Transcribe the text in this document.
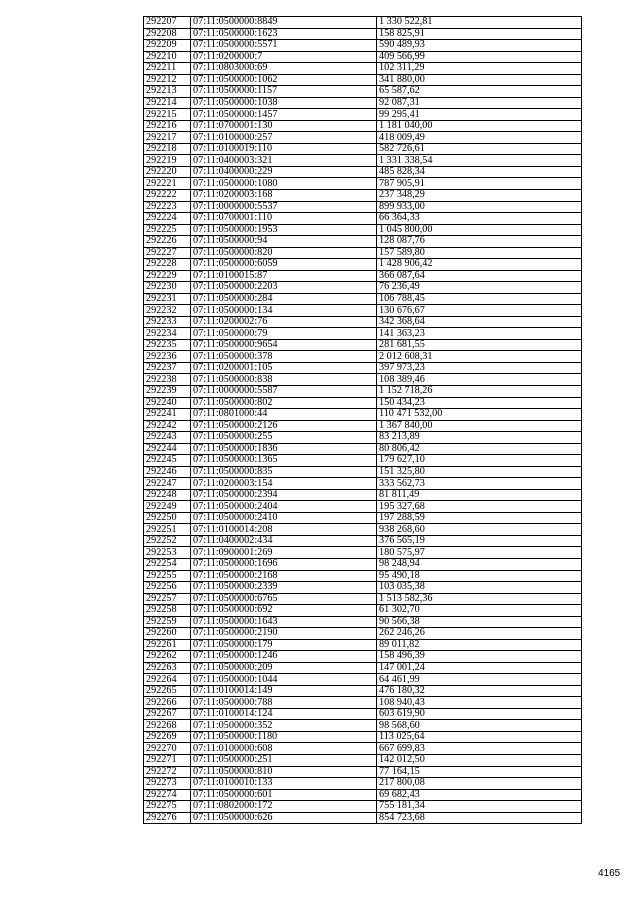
292207	07:11:0500000:8849	1 330 522,81
292208	07:11:0500000:1623	158 825,91
292209	07:11:0500000:5571	590 489,93
292210	07:11:0200000:7	409 566,99
292211	07:11:0803000:69	102 311,29
292212	07:11:0500000:1062	341 880,00
292213	07:11:0500000:1157	65 587,62
292214	07:11:0500000:1038	92 087,31
292215	07:11:0500000:1457	99 295,41
292216	07:11:0700001:130	1 181 040,00
292217	07:11:0100000:257	418 009,49
292218	07:11:0100019:110	582 726,61
292219	07:11:0400003:321	1 331 338,54
292220	07:11:0400000:229	485 828,34
292221	07:11:0500000:1080	787 905,91
292222	07:11:0200003:168	237 348,29
292223	07:11:0000000:5537	899 933,00
292224	07:11:0700001:110	66 364,33
292225	07:11:0500000:1953	1 045 800,00
292226	07:11:0500000:94	128 087,76
292227	07:11:0500000:820	157 589,80
292228	07:11:0500000:6059	1 428 906,42
292229	07:11:0100015:87	366 087,64
292230	07:11:0500000:2203	76 236,49
292231	07:11:0500000:284	106 788,45
292232	07:11:0500000:134	130 676,67
292233	07:11:0200002:76	342 368,64
292234	07:11:0500000:79	141 363,23
292235	07:11:0500000:9654	281 681,55
292236	07:11:0500000:378	2 012 608,31
292237	07:11:0200001:105	397 973,23
292238	07:11:0500000:838	108 389,46
292239	07:11:0000000:5587	1 152 718,26
292240	07:11:0500000:802	150 434,23
292241	07:11:0801000:44	110 471 532,00
292242	07:11:0500000:2126	1 367 840,00
292243	07:11:0500000:255	83 213,89
292244	07:11:0500000:1836	80 806,42
292245	07:11:0500000:1365	179 627,10
292246	07:11:0500000:835	151 325,80
292247	07:11:0200003:154	333 562,73
292248	07:11:0500000:2394	81 811,49
292249	07:11:0500000:2404	195 327,68
292250	07:11:0500000:2410	197 288,59
292251	07:11:0100014:208	938 268,60
292252	07:11:0400002:434	376 565,19
292253	07:11:0900001:269	180 575,97
292254	07:11:0500000:1696	98 248,94
292255	07:11:0500000:2168	95 490,18
292256	07:11:0500000:2339	103 035,38
292257	07:11:0500000:6765	1 513 582,36
292258	07:11:0500000:692	61 302,70
292259	07:11:0500000:1643	90 566,38
292260	07:11:0500000:2190	262 246,26
292261	07:11:0500000:179	89 011,82
292262	07:11:0500000:1246	158 496,39
292263	07:11:0500000:209	147 001,24
292264	07:11:0500000:1044	64 461,99
292265	07:11:0100014:149	476 180,32
292266	07:11:0500000:788	108 940,43
292267	07:11:0100014:124	603 619,90
292268	07:11:0500000:352	98 568,60
292269	07:11:0500000:1180	113 025,64
292270	07:11:0100000:608	667 699,83
292271	07:11:0500000:251	142 012,50
292272	07:11:0500000:810	77 164,15
292273	07:11:0100010:133	217 800,08
292274	07:11:0500000:601	69 682,43
292275	07:11:0802000:172	755 181,34
292276	07:11:0500000:626	854 723,68
4165
